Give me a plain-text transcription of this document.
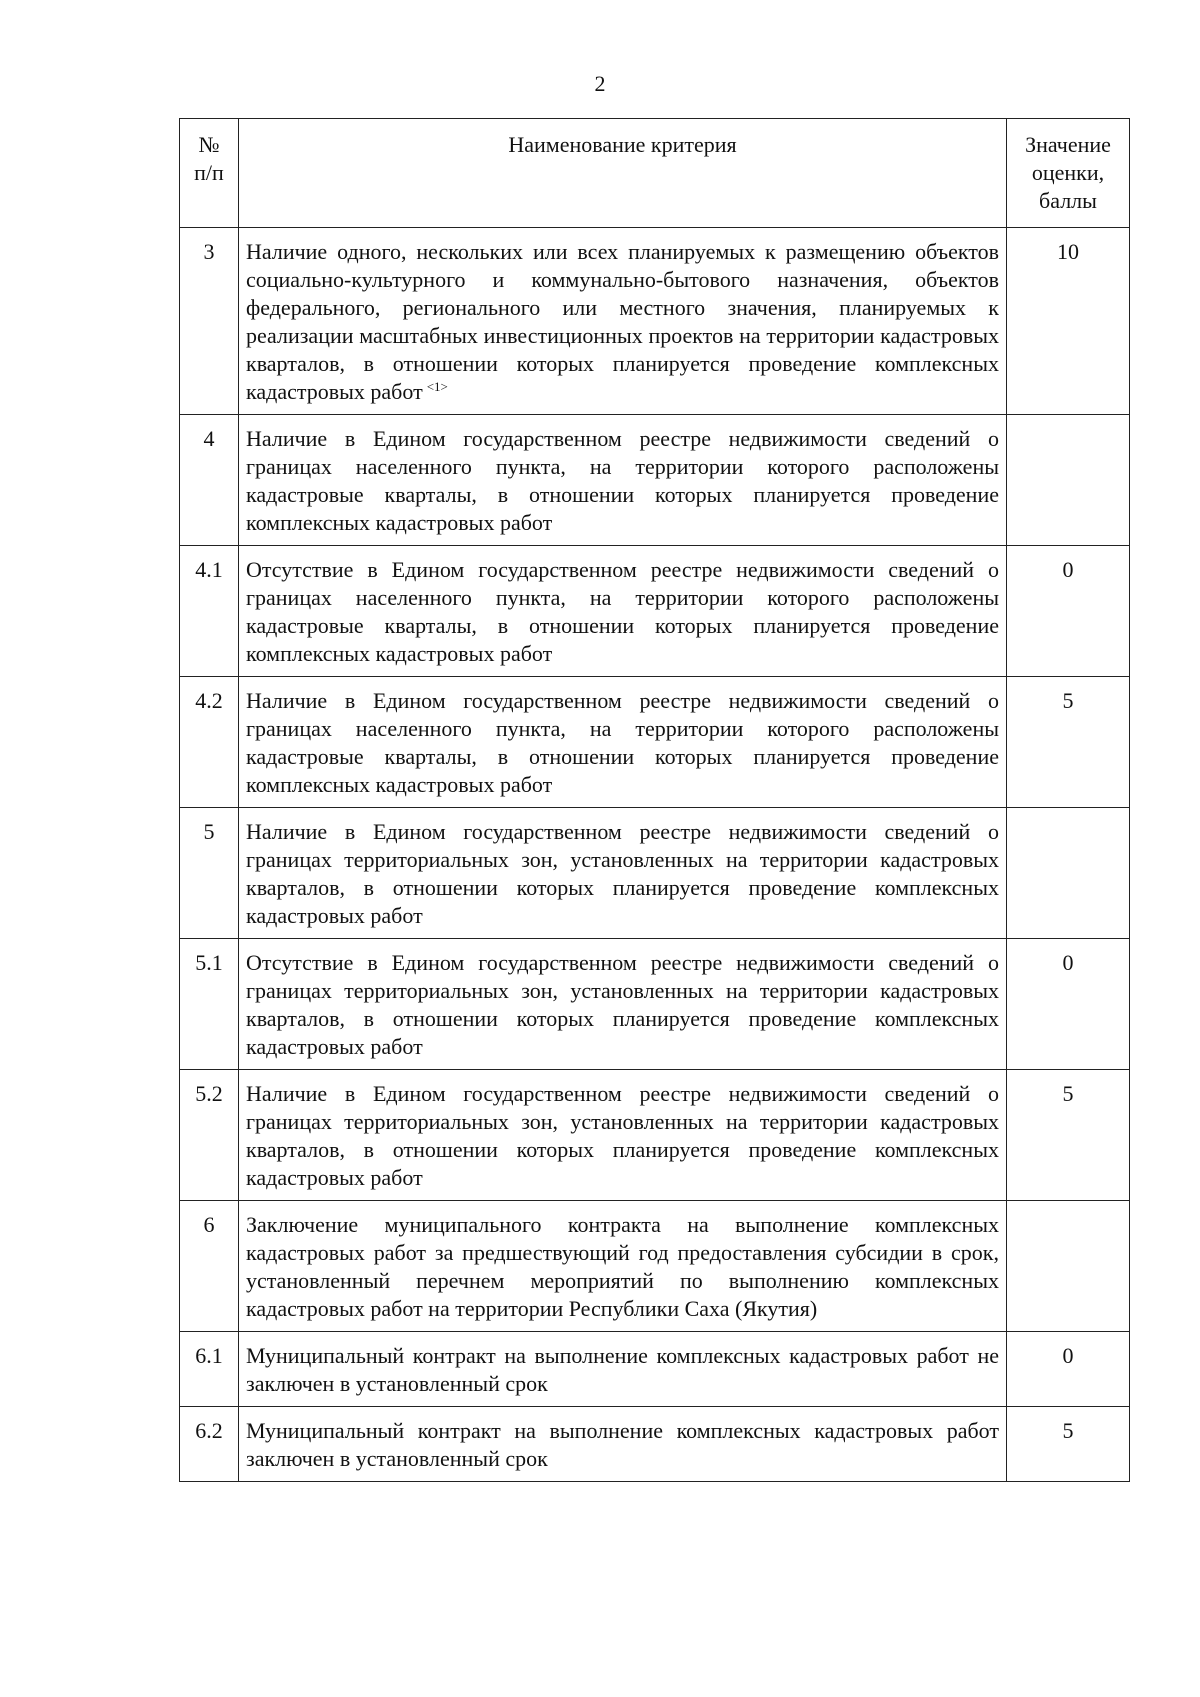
2
№ п/п	Наименование критерия	Значение оценки, баллы
3	Наличие одного, нескольких или всех планируемых к размещению объектов социально-культурного и коммунально-бытового назначения, объектов федерального, регионального или местного значения, планируемых к реализации масштабных инвестиционных проектов на территории кадастровых кварталов, в отношении которых планируется проведение комплексных кадастровых работ $^{<1>}$	10
4	Наличие в Едином государственном реестре недвижимости сведений о границах населенного пункта, на территории которого расположены кадастровые кварталы, в отношении которых планируется проведение комплексных кадастровых работ	
4.1	Отсутствие в Едином государственном реестре недвижимости сведений о границах населенного пункта, на территории которого расположены кадастровые кварталы, в отношении которых планируется проведение комплексных кадастровых работ	0
4.2	Наличие в Едином государственном реестре недвижимости сведений о границах населенного пункта, на территории которого расположены кадастровые кварталы, в отношении которых планируется проведение комплексных кадастровых работ	5
5	Наличие в Едином государственном реестре недвижимости сведений о границах территориальных зон, установленных на территории кадастровых кварталов, в отношении которых планируется проведение комплексных кадастровых работ	
5.1	Отсутствие в Едином государственном реестре недвижимости сведений о границах территориальных зон, установленных на территории кадастровых кварталов, в отношении которых планируется проведение комплексных кадастровых работ	0
5.2	Наличие в Едином государственном реестре недвижимости сведений о границах территориальных зон, установленных на территории кадастровых кварталов, в отношении которых планируется проведение комплексных кадастровых работ	5
6	Заключение муниципального контракта на выполнение комплексных кадастровых работ за предшествующий год предоставления субсидии в срок, установленный перечнем мероприятий по выполнению комплексных кадастровых работ на территории Республики Саха (Якутия)	
6.1	Муниципальный контракт на выполнение комплексных кадастровых работ не заключен в установленный срок	0
6.2	Муниципальный контракт на выполнение комплексных кадастровых работ заключен в установленный срок	5
